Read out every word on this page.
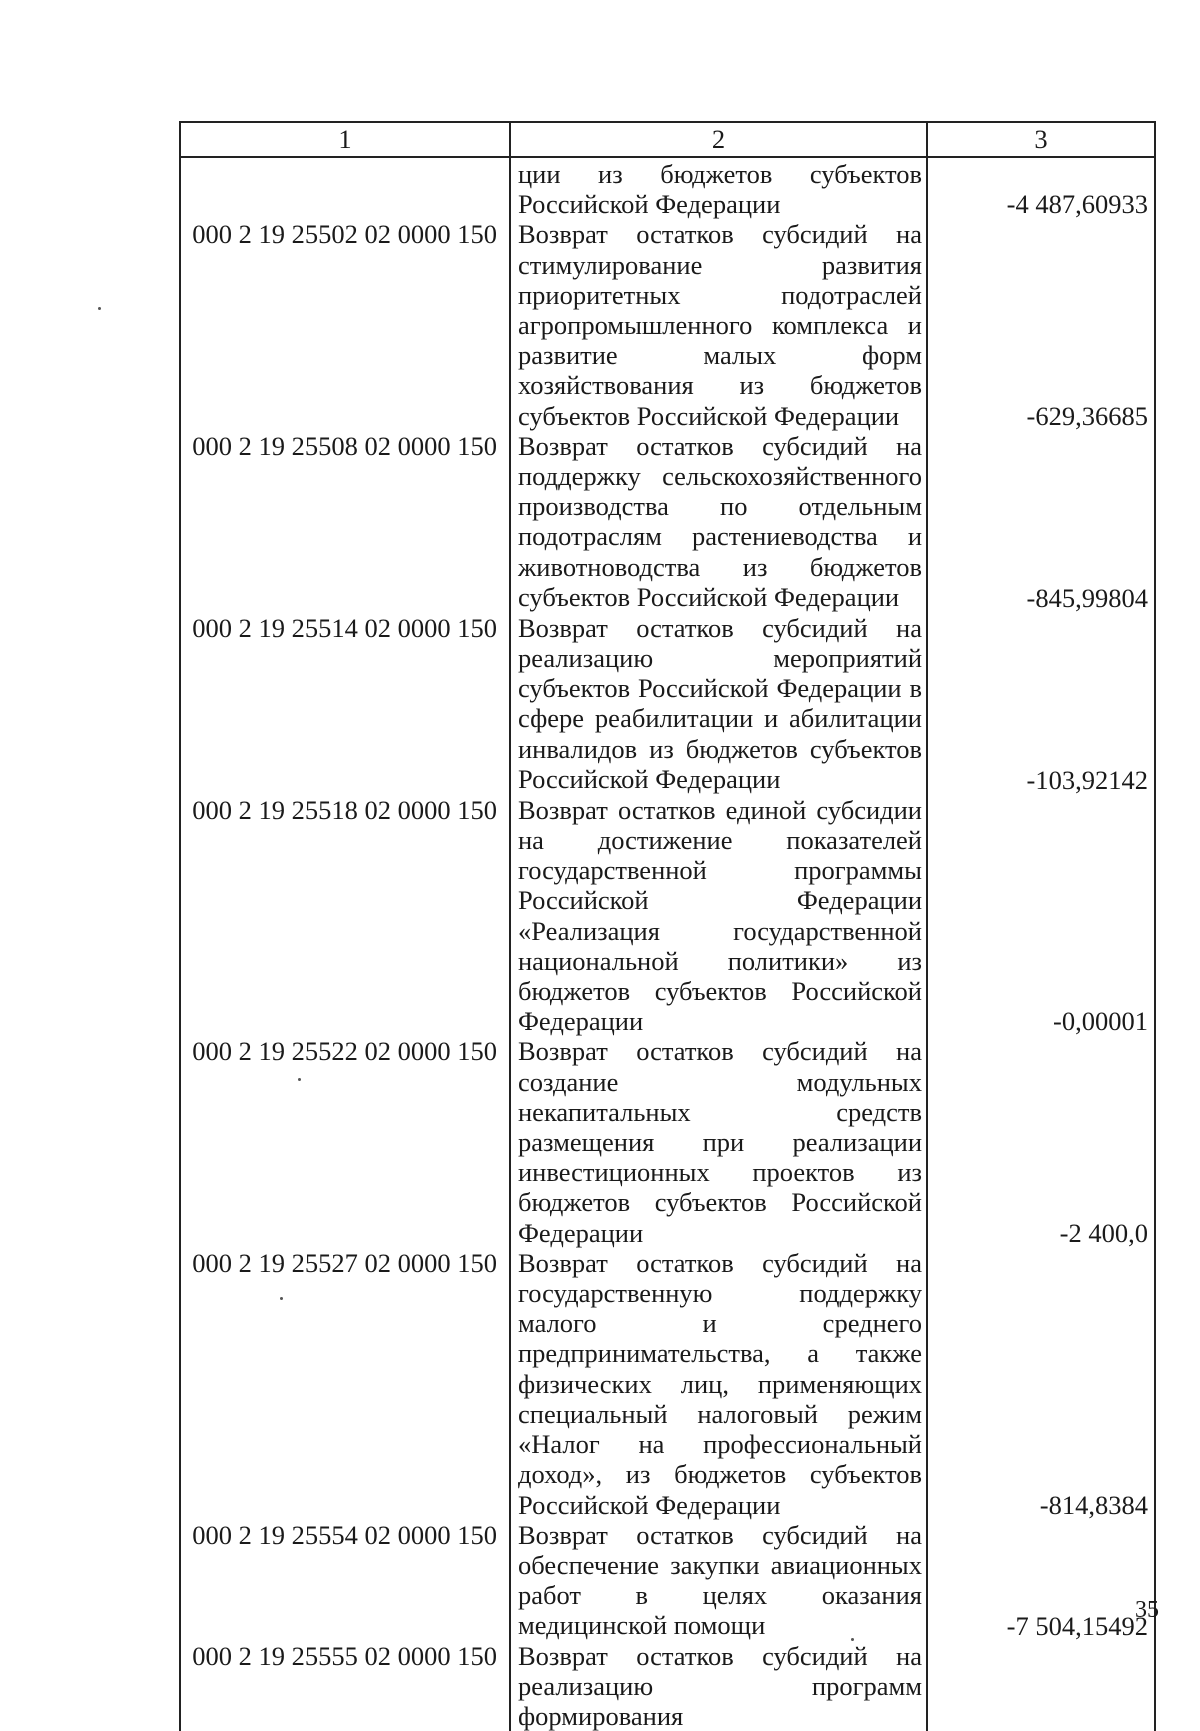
1	2	3
	ции из бюджетов субъектов Российской Федерации	-4 487,60933
000 2 19 25502 02 0000 150	Возврат остатков субсидий на стимулирование развития приоритетных подотраслей агропромышленного комплекса и развитие малых форм хозяйствования из бюджетов субъектов Российской Федерации	-629,36685
000 2 19 25508 02 0000 150	Возврат остатков субсидий на поддержку сельскохозяйственного производства по отдельным подотраслям растениеводства и животноводства из бюджетов субъектов Российской Федерации	-845,99804
000 2 19 25514 02 0000 150	Возврат остатков субсидий на реализацию мероприятий субъектов Российской Федерации в сфере реабилитации и абилитации инвалидов из бюджетов субъектов Российской Федерации	-103,92142
000 2 19 25518 02 0000 150	Возврат остатков единой субсидии на достижение показателей государственной программы Российской Федерации «Реализация государственной национальной политики» из бюджетов субъектов Российской Федерации	-0,00001
000 2 19 25522 02 0000 150	Возврат остатков субсидий на создание модульных некапитальных средств размещения при реализации инвестиционных проектов из бюджетов субъектов Российской Федерации	-2 400,0
000 2 19 25527 02 0000 150	Возврат остатков субсидий на государственную поддержку малого и среднего предпринимательства, а также физических лиц, применяющих специальный налоговый режим «Налог на профессиональный доход», из бюджетов субъектов Российской Федерации	-814,8384
000 2 19 25554 02 0000 150	Возврат остатков субсидий на обеспечение закупки авиационных работ в целях оказания медицинской помощи	-7 504,15492
000 2 19 25555 02 0000 150	Возврат остатков субсидий на реализацию программ формирования	
35
